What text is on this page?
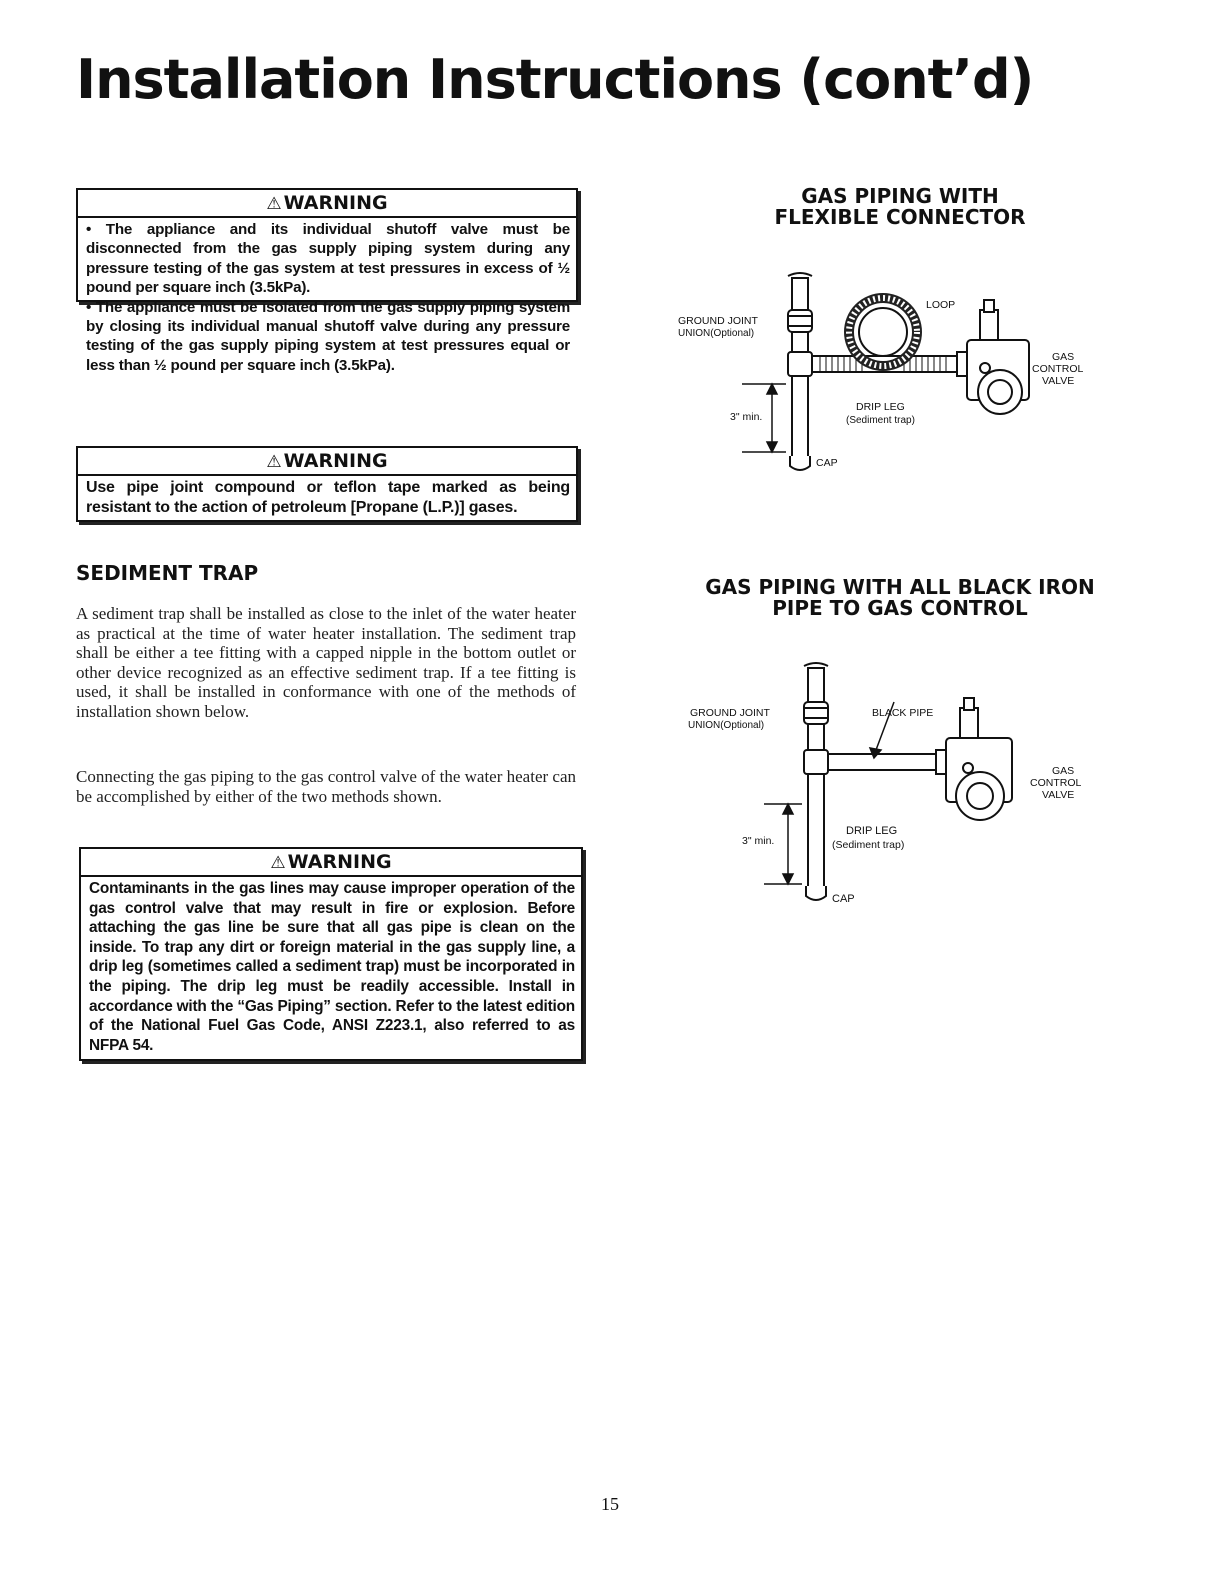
Installation Instructions (cont’d)
⚠ WARNING

• The appliance and its individual shutoff valve must be disconnected from the gas supply piping system during any pressure testing of the gas system at test pressures in excess of ½ pound per square inch (3.5kPa).

• The appliance must be isolated from the gas supply piping system by closing its individual manual shutoff valve during any pressure testing of the gas supply piping system at test pressures equal or less than ½ pound per square inch (3.5kPa).

⚠ WARNING

Use pipe joint compound or teflon tape marked as being resistant to the action of petroleum [Propane (L.P.)] gases.

SEDIMENT TRAP

A sediment trap shall be installed as close to the inlet of the water heater as practical at the time of water heater installation. The sediment trap shall be either a tee fitting with a capped nipple in the bottom outlet or other device recognized as an effective sediment trap. If a tee fitting is used, it shall be installed in conformance with one of the methods of installation shown below.

Connecting the gas piping to the gas control valve of the water heater can be accomplished by either of the two methods shown.

⚠ WARNING

Contaminants in the gas lines may cause improper operation of the gas control valve that may result in fire or explosion. Before attaching the gas line be sure that all gas pipe is clean on the inside. To trap any dirt or foreign material in the gas supply line, a drip leg (sometimes called a sediment trap) must be incorporated in the piping. The drip leg must be readily accessible. Install in accordance with the “Gas Piping” section. Refer to the latest edition of the National Fuel Gas Code, ANSI Z223.1, also referred to as NFPA 54.

GAS PIPING WITH
FLEXIBLE CONNECTOR
GROUND JOINT
UNION(Optional)
LOOP
GAS
CONTROL
VALVE
DRIP LEG
(Sediment trap)
3" min.
CAP
GAS PIPING WITH ALL BLACK IRON
PIPE TO GAS CONTROL
GROUND JOINT
UNION(Optional)
BLACK PIPE
GAS
CONTROL
VALVE
DRIP LEG
(Sediment trap)
3" min.
CAP
15
